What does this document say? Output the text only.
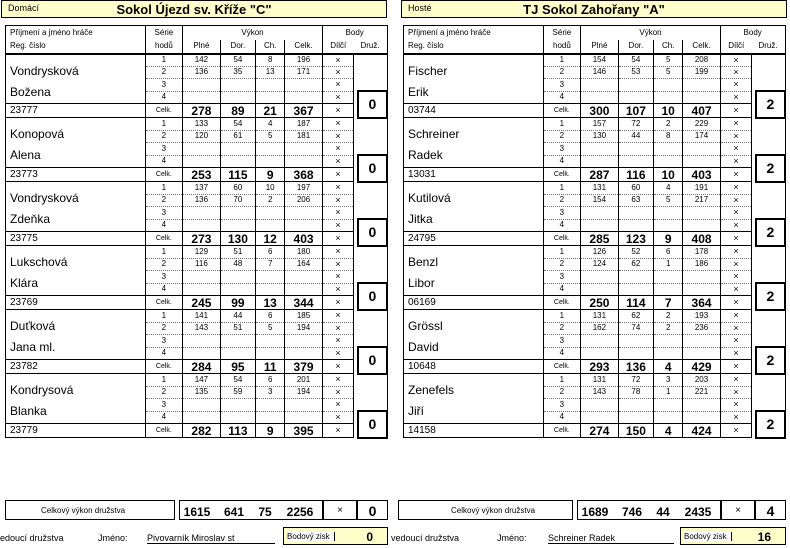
Domácí	Sokol Újezd sv. Kříže "C"	Hosté	TJ Sokol Zahořany "A"
Příjmení a jméno hráče	Série	Výkon				Body		
Reg. číslo	hodů	Plné	Dor.	Ch.	Celk.	Dílčí	Druž.	

Vondrysková
Božena	1	142	54	8	196	×		
	2	136	35	13	171	×		
	3					×		
	4					×		0
23777	Celk.	278	89	21	367	×		

Konopová
Alena	1	133	54	4	187	×		
	2	120	61	5	181	×		
	3					×		
	4					×		0
23773	Celk.	253	115	9	368	×		

Vondrysková
Zdeňka	1	137	60	10	197	×		
	2	136	70	2	206	×		
	3					×		
	4					×		0
23775	Celk.	273	130	12	403	×		

Lukschová
Klára	1	129	51	6	180	×		
	2	116	48	7	164	×		
	3					×		
	4					×		0
23769	Celk.	245	99	13	344	×		

Duťková
Jana ml.	1	141	44	6	185	×		
	2	143	51	5	194	×		
	3					×		
	4					×		0
23782	Celk.	284	95	11	379	×		

Kondrysová
Blanka	1	147	54	6	201	×		
	2	135	59	3	194	×		
	3					×		
	4					×		0
23779	Celk.	282	113	9	395	×		
Příjmení a jméno hráče	Série	Výkon				Body		
Reg. číslo	hodů	Plné	Dor.	Ch.	Celk.	Dílčí	Druž.	

Fischer
Erik	1	154	54	5	208	×		
	2	146	53	5	199	×		
	3					×		
	4					×		2
03744	Celk.	300	107	10	407	×		

Schreiner
Radek	1	157	72	2	229	×		
	2	130	44	8	174	×		
	3					×		
	4					×		2
13031	Celk.	287	116	10	403	×		

Kutilová
Jitka	1	131	60	4	191	×		
	2	154	63	5	217	×		
	3					×		
	4					×		2
24795	Celk.	285	123	9	408	×		

Benzl
Libor	1	126	52	6	178	×		
	2	124	62	1	186	×		
	3					×		
	4					×		2
06169	Celk.	250	114	7	364	×		

Grössl
David	1	131	62	2	193	×		
	2	162	74	2	236	×		
	3					×		
	4					×		2
10648	Celk.	293	136	4	429	×		

Zenefels
Jiří	1	131	72	3	203	×		
	2	143	78	1	221	×		
	3					×		
	4					×		2
14158	Celk.	274	150	4	424	×		
Celkový výkon družstva	1615	641	75	2256	×	0	Celkový výkon družstva	1689	746	44	2435	×	4
edoucí družstva	Jméno: Pivovarník Miroslav st	Bodový zisk	0 vedoucí družstva	Jméno: Schreiner Radek	Bodový zisk	16
